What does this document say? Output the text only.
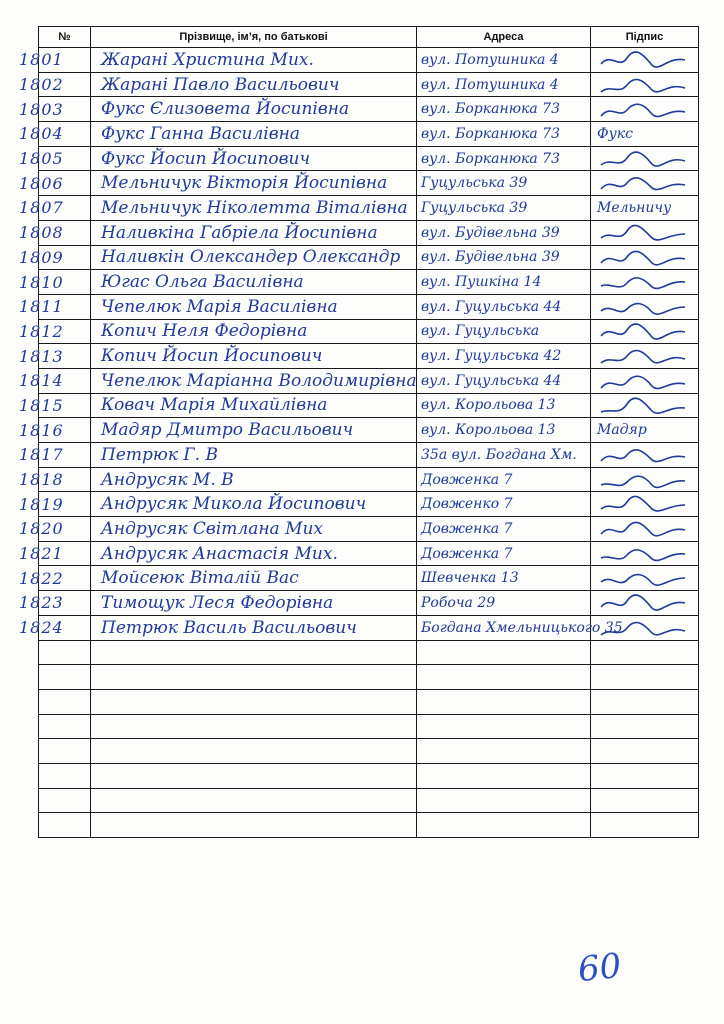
№	Прізвище, ім’я, по батькові	Адреса	Підпис

1801	Жарані Христина Мих.	вул. Потушника 4

1802	Жарані Павло Васильович	вул. Потушника 4

1803	Фукс Єлизовета Йосипівна	вул. Борканюка 73

1804	Фукс Ганна Василівна	вул. Борканюка 73	Фукс

1805	Фукс Йосип Йосипович	вул. Борканюка 73

1806	Мельничук Вікторія Йосипівна	Гуцульська 39

1807	Мельничук Ніколетта Віталівна	Гуцульська 39	Мельничу

1808	Наливкіна Габріела Йосипівна	вул. Будівельна 39

1809	Наливкін Олександер Олександр	вул. Будівельна 39

1810	Югас Ольга Василівна	вул. Пушкіна 14

1811	Чепелюк Марія Василівна	вул. Гуцульська 44

1812	Копич Неля Федорівна	вул. Гуцульська

1813	Копич Йосип Йосипович	вул. Гуцульська 42

1814	Чепелюк Маріанна Володимирівна	вул. Гуцульська 44

1815	Ковач Марія Михайлівна	вул. Корольова 13

1816	Мадяр Дмитро Васильович	вул. Корольова 13	Мадяр

1817	Петрюк Г. В	35а вул. Богдана Хм.

1818	Андрусяк М. В	Довженка 7

1819	Андрусяк Микола Йосипович	Довженко 7

1820	Андрусяк Світлана Мих	Довженка 7

1821	Андрусяк Анастасія Мих.	Довженка 7

1822	Мойсеюк Віталій Вас	Шевченка 13

1823	Тимощук Леся Федорівна	Робоча 29

1824	Петрюк Василь Васильович	Богдана Хмельницького 35

60
